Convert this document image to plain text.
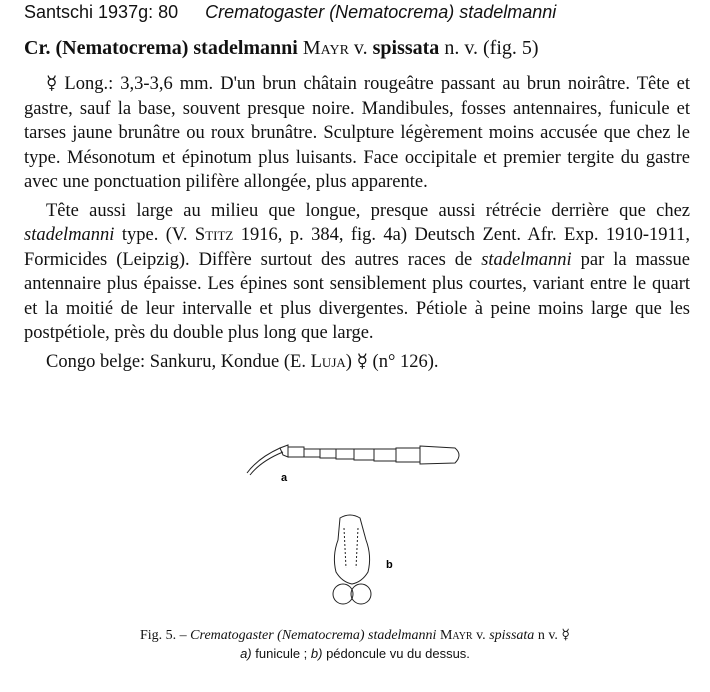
Santschi 1937g: 80 Crematogaster (Nematocrema) stadelmanni
Cr. (Nematocrema) stadelmanni Mayr v. spissata n. v. (fig. 5)

☿ Long.: 3,3-3,6 mm. D'un brun châtain rougeâtre passant au brun noirâtre. Tête et gastre, sauf la base, souvent presque noire. Mandibules, fosses antennaires, funicule et tarses jaune brunâtre ou roux brunâtre. Sculpture légèrement moins accusée que chez le type. Mésonotum et épinotum plus luisants. Face occipitale et premier tergite du gastre avec une ponctuation pilifère allongée, plus apparente.

Tête aussi large au milieu que longue, presque aussi rétrécie derrière que chez stadelmanni type. (V. Stitz 1916, p. 384, fig. 4a) Deutsch Zent. Afr. Exp. 1910-1911, Formicides (Leipzig). Diffère surtout des autres races de stadelmanni par la massue antennaire plus épaisse. Les épines sont sensiblement plus courtes, variant entre le quart et la moitié de leur intervalle et plus divergentes. Pétiole à peine moins large que les postpétiole, près du double plus long que large.

Congo belge: Sankuru, Kondue (E. Luja) ☿ (n° 126).

a
b
Fig. 5. – Crematogaster (Nematocrema) stadelmanni Mayr v. spissata n v. ☿
a) funicule ; b) pédoncule vu du dessus.
